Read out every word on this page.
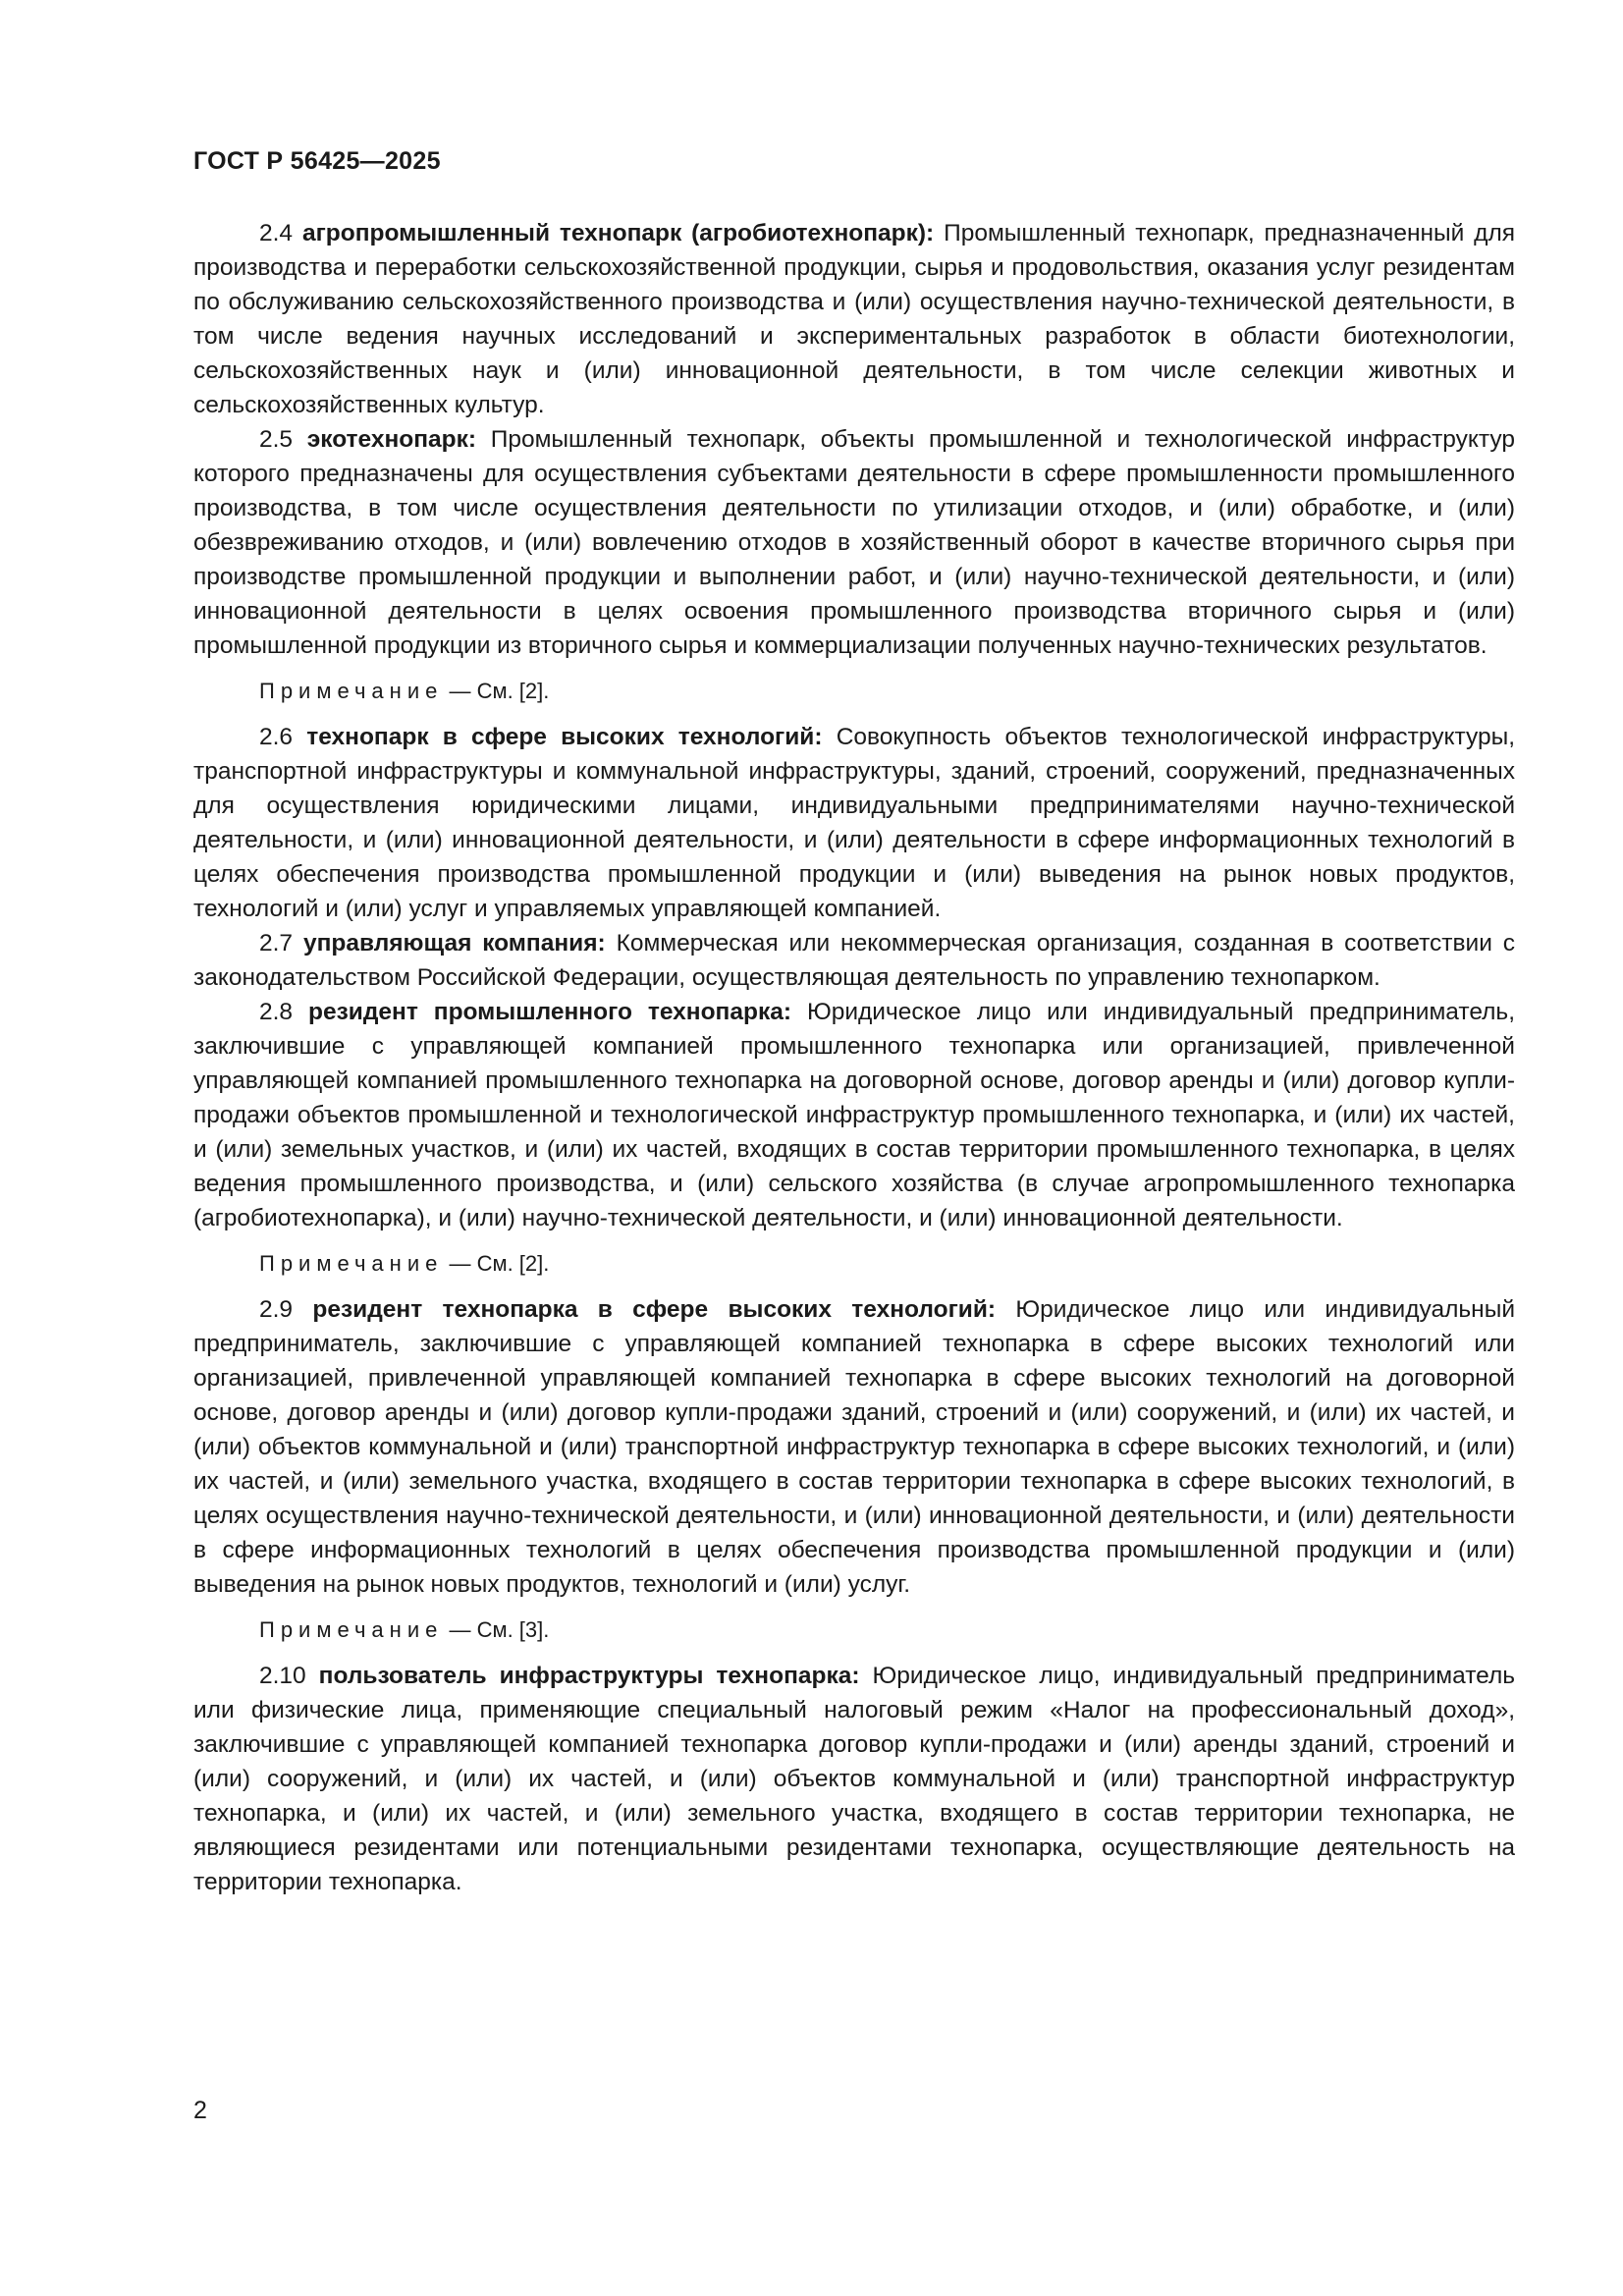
ГОСТ Р 56425—2025

2.4 агропромышленный технопарк (агробиотехнопарк): Промышленный технопарк, предназначенный для производства и переработки сельскохозяйственной продукции, сырья и продовольствия, оказания услуг резидентам по обслуживанию сельскохозяйственного производства и (или) осуществления научно-технической деятельности, в том числе ведения научных исследований и экспериментальных разработок в области биотехнологии, сельскохозяйственных наук и (или) инновационной деятельности, в том числе селекции животных и сельскохозяйственных культур.

2.5 экотехнопарк: Промышленный технопарк, объекты промышленной и технологической инфраструктур которого предназначены для осуществления субъектами деятельности в сфере промышленности промышленного производства, в том числе осуществления деятельности по утилизации отходов, и (или) обработке, и (или) обезвреживанию отходов, и (или) вовлечению отходов в хозяйственный оборот в качестве вторичного сырья при производстве промышленной продукции и выполнении работ, и (или) научно-технической деятельности, и (или) инновационной деятельности в целях освоения промышленного производства вторичного сырья и (или) промышленной продукции из вторичного сырья и коммерциализации полученных научно-технических результатов.

Примечание — См. [2].

2.6 технопарк в сфере высоких технологий: Совокупность объектов технологической инфраструктуры, транспортной инфраструктуры и коммунальной инфраструктуры, зданий, строений, сооружений, предназначенных для осуществления юридическими лицами, индивидуальными предпринимателями научно-технической деятельности, и (или) инновационной деятельности, и (или) деятельности в сфере информационных технологий в целях обеспечения производства промышленной продукции и (или) выведения на рынок новых продуктов, технологий и (или) услуг и управляемых управляющей компанией.

2.7 управляющая компания: Коммерческая или некоммерческая организация, созданная в соответствии с законодательством Российской Федерации, осуществляющая деятельность по управлению технопарком.

2.8 резидент промышленного технопарка: Юридическое лицо или индивидуальный предприниматель, заключившие с управляющей компанией промышленного технопарка или организацией, привлеченной управляющей компанией промышленного технопарка на договорной основе, договор аренды и (или) договор купли-продажи объектов промышленной и технологической инфраструктур промышленного технопарка, и (или) их частей, и (или) земельных участков, и (или) их частей, входящих в состав территории промышленного технопарка, в целях ведения промышленного производства, и (или) сельского хозяйства (в случае агропромышленного технопарка (агробиотехнопарка), и (или) научно-технической деятельности, и (или) инновационной деятельности.

Примечание — См. [2].

2.9 резидент технопарка в сфере высоких технологий: Юридическое лицо или индивидуальный предприниматель, заключившие с управляющей компанией технопарка в сфере высоких технологий или организацией, привлеченной управляющей компанией технопарка в сфере высоких технологий на договорной основе, договор аренды и (или) договор купли-продажи зданий, строений и (или) сооружений, и (или) их частей, и (или) объектов коммунальной и (или) транспортной инфраструктур технопарка в сфере высоких технологий, и (или) их частей, и (или) земельного участка, входящего в состав территории технопарка в сфере высоких технологий, в целях осуществления научно-технической деятельности, и (или) инновационной деятельности, и (или) деятельности в сфере информационных технологий в целях обеспечения производства промышленной продукции и (или) выведения на рынок новых продуктов, технологий и (или) услуг.

Примечание — См. [3].

2.10 пользователь инфраструктуры технопарка: Юридическое лицо, индивидуальный предприниматель или физические лица, применяющие специальный налоговый режим «Налог на профессиональный доход», заключившие с управляющей компанией технопарка договор купли-продажи и (или) аренды зданий, строений и (или) сооружений, и (или) их частей, и (или) объектов коммунальной и (или) транспортной инфраструктур технопарка, и (или) их частей, и (или) земельного участка, входящего в состав территории технопарка, не являющиеся резидентами или потенциальными резидентами технопарка, осуществляющие деятельность на территории технопарка.

2
